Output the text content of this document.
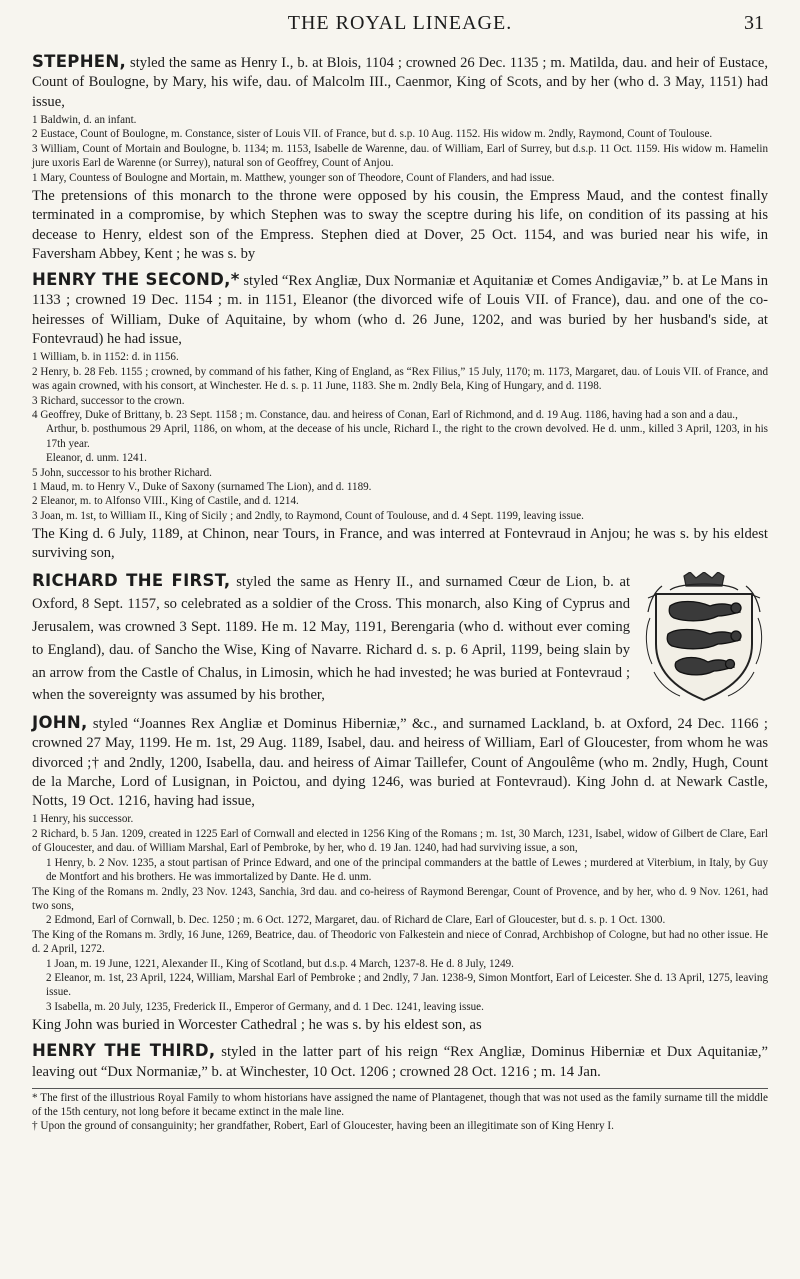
THE ROYAL LINEAGE.	31

STEPHEN, styled the same as Henry I., b. at Blois, 1104 ; crowned 26 Dec. 1135 ; m. Matilda, dau. and heir of Eustace, Count of Boulogne, by Mary, his wife, dau. of Malcolm III., Caenmor, King of Scots, and by her (who d. 3 May, 1151) had issue,

1 Baldwin, d. an infant.
2 Eustace, Count of Boulogne, m. Constance, sister of Louis VII. of France, but d. s.p. 10 Aug. 1152. His widow m. 2ndly, Raymond, Count of Toulouse.
3 William, Count of Mortain and Boulogne, b. 1134; m. 1153, Isabelle de Warenne, dau. of William, Earl of Surrey, but d.s.p. 11 Oct. 1159. His widow m. Hamelin jure uxoris Earl de Warenne (or Surrey), natural son of Geoffrey, Count of Anjou.
1 Mary, Countess of Boulogne and Mortain, m. Matthew, younger son of Theodore, Count of Flanders, and had issue.

The pretensions of this monarch to the throne were opposed by his cousin, the Empress Maud, and the contest finally terminated in a compromise, by which Stephen was to sway the sceptre during his life, on condition of its passing at his decease to Henry, eldest son of the Empress. Stephen died at Dover, 25 Oct. 1154, and was buried near his wife, in Faversham Abbey, Kent ; he was s. by

HENRY THE SECOND,* styled “Rex Angliæ, Dux Normaniæ et Aquitaniæ et Comes Andigaviæ,” b. at Le Mans in 1133 ; crowned 19 Dec. 1154 ; m. in 1151, Eleanor (the divorced wife of Louis VII. of France), dau. and one of the co-heiresses of William, Duke of Aquitaine, by whom (who d. 26 June, 1202, and was buried by her husband's side, at Fontevraud) he had issue,

1 William, b. in 1152: d. in 1156.
2 Henry, b. 28 Feb. 1155 ; crowned, by command of his father, King of England, as “Rex Filius,” 15 July, 1170; m. 1173, Margaret, dau. of Louis VII. of France, and was again crowned, with his consort, at Winchester. He d. s. p. 11 June, 1183. She m. 2ndly Bela, King of Hungary, and d. 1198.
3 Richard, successor to the crown.
4 Geoffrey, Duke of Brittany, b. 23 Sept. 1158 ; m. Constance, dau. and heiress of Conan, Earl of Richmond, and d. 19 Aug. 1186, having had a son and a dau.,
Arthur, b. posthumous 29 April, 1186, on whom, at the decease of his uncle, Richard I., the right to the crown devolved. He d. unm., killed 3 April, 1203, in his 17th year.
Eleanor, d. unm. 1241.
5 John, successor to his brother Richard.
1 Maud, m. to Henry V., Duke of Saxony (surnamed The Lion), and d. 1189.
2 Eleanor, m. to Alfonso VIII., King of Castile, and d. 1214.
3 Joan, m. 1st, to William II., King of Sicily ; and 2ndly, to Raymond, Count of Toulouse, and d. 4 Sept. 1199, leaving issue.

The King d. 6 July, 1189, at Chinon, near Tours, in France, and was interred at Fontevraud in Anjou; he was s. by his eldest surviving son,

RICHARD THE FIRST, styled the same as Henry II., and surnamed Cœur de Lion, b. at Oxford, 8 Sept. 1157, so celebrated as a soldier of the Cross. This monarch, also King of Cyprus and Jerusalem, was crowned 3 Sept. 1189. He m. 12 May, 1191, Berengaria (who d. without ever coming to England), dau. of Sancho the Wise, King of Navarre. Richard d. s. p. 6 April, 1199, being slain by an arrow from the Castle of Chalus, in Limosin, which he had invested; he was buried at Fontevraud ; when the sovereignty was assumed by his brother,

JOHN, styled “Joannes Rex Angliæ et Dominus Hiberniæ,” &c., and surnamed Lackland, b. at Oxford, 24 Dec. 1166 ; crowned 27 May, 1199. He m. 1st, 29 Aug. 1189, Isabel, dau. and heiress of William, Earl of Gloucester, from whom he was divorced ;† and 2ndly, 1200, Isabella, dau. and heiress of Aimar Taillefer, Count of Angoulême (who m. 2ndly, Hugh, Count de la Marche, Lord of Lusignan, in Poictou, and dying 1246, was buried at Fontevraud). King John d. at Newark Castle, Notts, 19 Oct. 1216, having had issue,

1 Henry, his successor.
2 Richard, b. 5 Jan. 1209, created in 1225 Earl of Cornwall and elected in 1256 King of the Romans ; m. 1st, 30 March, 1231, Isabel, widow of Gilbert de Clare, Earl of Gloucester, and dau. of William Marshal, Earl of Pembroke, by her, who d. 19 Jan. 1240, had had surviving issue, a son,
1 Henry, b. 2 Nov. 1235, a stout partisan of Prince Edward, and one of the principal commanders at the battle of Lewes ; murdered at Viterbium, in Italy, by Guy de Montfort and his brothers. He was immortalized by Dante. He d. unm.
The King of the Romans m. 2ndly, 23 Nov. 1243, Sanchia, 3rd dau. and co-heiress of Raymond Berengar, Count of Provence, and by her, who d. 9 Nov. 1261, had two sons,
2 Edmond, Earl of Cornwall, b. Dec. 1250 ; m. 6 Oct. 1272, Margaret, dau. of Richard de Clare, Earl of Gloucester, but d. s. p. 1 Oct. 1300.
The King of the Romans m. 3rdly, 16 June, 1269, Beatrice, dau. of Theodoric von Falkestein and niece of Conrad, Archbishop of Cologne, but had no other issue. He d. 2 April, 1272.
1 Joan, m. 19 June, 1221, Alexander II., King of Scotland, but d.s.p. 4 March, 1237-8. He d. 8 July, 1249.
2 Eleanor, m. 1st, 23 April, 1224, William, Marshal Earl of Pembroke ; and 2ndly, 7 Jan. 1238-9, Simon Montfort, Earl of Leicester. She d. 13 April, 1275, leaving issue.
3 Isabella, m. 20 July, 1235, Frederick II., Emperor of Germany, and d. 1 Dec. 1241, leaving issue.

King John was buried in Worcester Cathedral ; he was s. by his eldest son, as

HENRY THE THIRD, styled in the latter part of his reign “Rex Angliæ, Dominus Hiberniæ et Dux Aquitaniæ,” leaving out “Dux Normaniæ,” b. at Winchester, 10 Oct. 1206 ; crowned 28 Oct. 1216 ; m. 14 Jan.

* The first of the illustrious Royal Family to whom historians have assigned the name of Plantagenet, though that was not used as the family surname till the middle of the 15th century, not long before it became extinct in the male line.

† Upon the ground of consanguinity; her grandfather, Robert, Earl of Gloucester, having been an illegitimate son of King Henry I.
